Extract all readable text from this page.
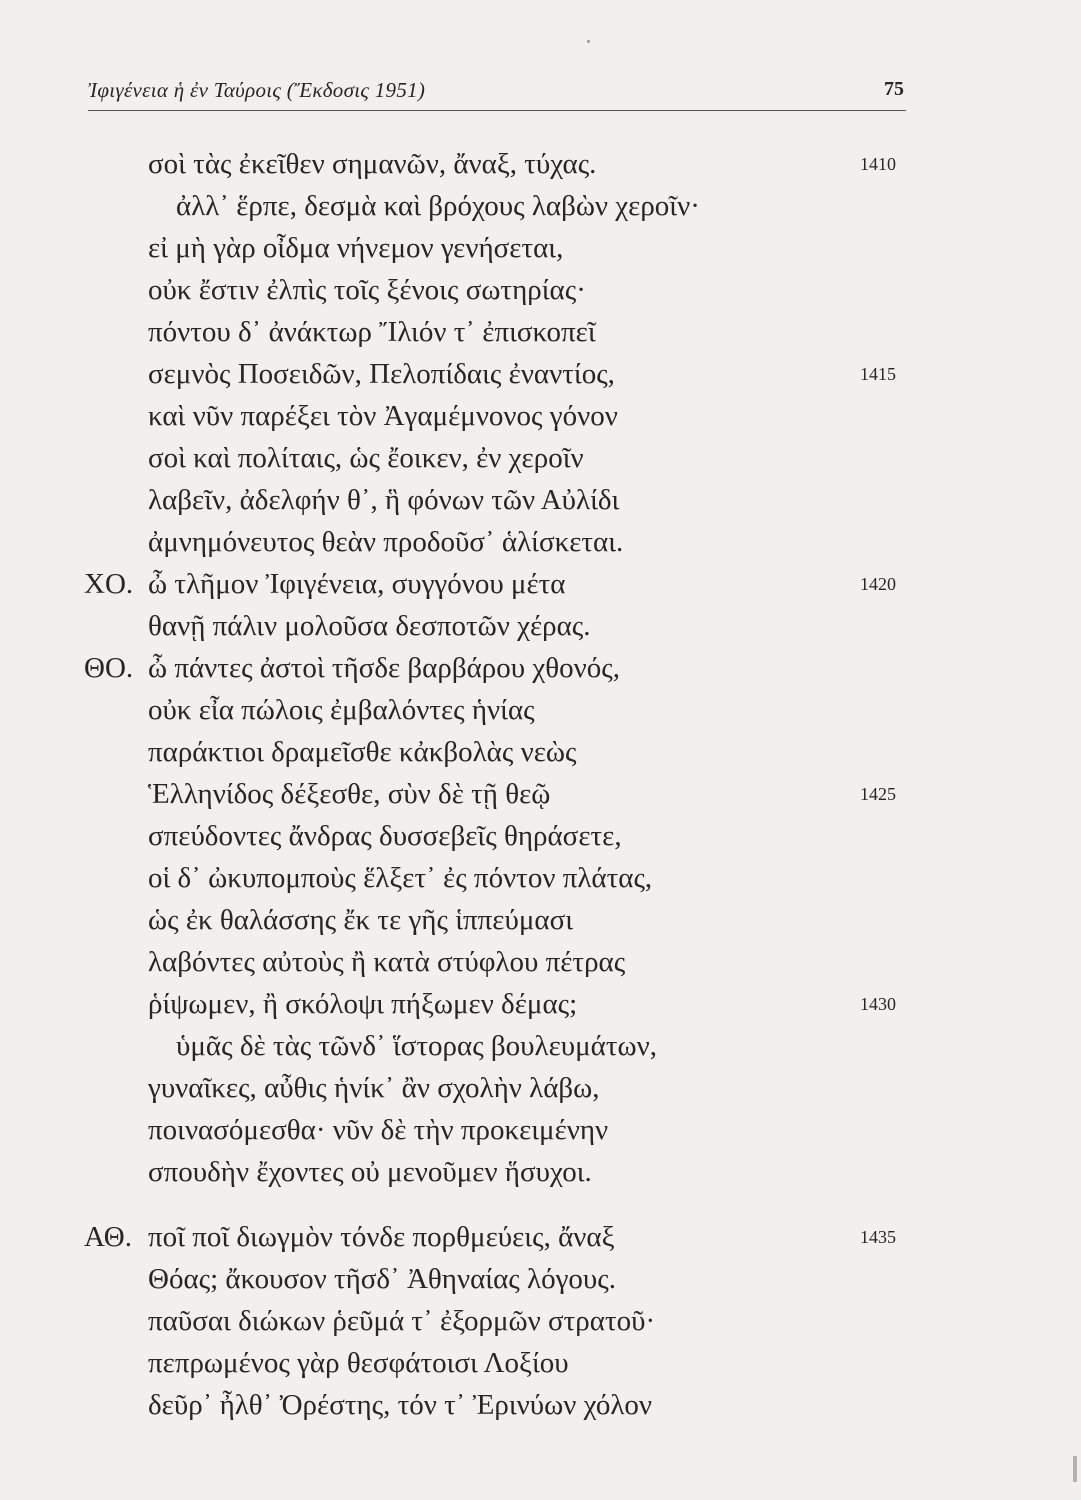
Ἰφιγένεια ἡ ἐν Ταύροις (Ἔκδοσις 1951)	75
σοὶ τὰς ἐκεῖθεν σημανῶν, ἄναξ, τύχας.	1410
ἀλλ᾿ ἕρπε, δεσμὰ καὶ βρόχους λαβὼν χεροῖν·
εἰ μὴ γὰρ οἶδμα νήνεμον γενήσεται,
οὐκ ἔστιν ἐλπὶς τοῖς ξένοις σωτηρίας·
πόντου δ᾿ ἀνάκτωρ Ἴλιόν τ᾿ ἐπισκοπεῖ
σεμνὸς Ποσειδῶν, Πελοπίδαις ἐναντίος,	1415
καὶ νῦν παρέξει τὸν Ἀγαμέμνονος γόνον
σοὶ καὶ πολίταις, ὡς ἔοικεν, ἐν χεροῖν
λαβεῖν, ἀδελφήν θ᾿, ἣ φόνων τῶν Αὐλίδι
ἀμνημόνευτος θεὰν προδοῦσ᾿ ἁλίσκεται.
ΧΟ. ὦ τλῆμον Ἰφιγένεια, συγγόνου μέτα	1420
θανῇ πάλιν μολοῦσα δεσποτῶν χέρας.
ΘΟ. ὦ πάντες ἀστοὶ τῆσδε βαρβάρου χθονός,
οὐκ εἶα πώλοις ἐμβαλόντες ἡνίας
παράκτιοι δραμεῖσθε κἀκβολὰς νεὼς
Ἑλληνίδος δέξεσθε, σὺν δὲ τῇ θεῷ	1425
σπεύδοντες ἄνδρας δυσσεβεῖς θηράσετε,
οἱ δ᾿ ὠκυπομποὺς ἕλξετ᾿ ἐς πόντον πλάτας,
ὡς ἐκ θαλάσσης ἔκ τε γῆς ἱππεύμασι
λαβόντες αὐτοὺς ἢ κατὰ στύφλου πέτρας
ῥίψωμεν, ἢ σκόλοψι πήξωμεν δέμας;	1430
ὑμᾶς δὲ τὰς τῶνδ᾿ ἵστορας βουλευμάτων,
γυναῖκες, αὖθις ἡνίκ᾿ ἂν σχολὴν λάβω,
ποινασόμεσθα· νῦν δὲ τὴν προκειμένην
σπουδὴν ἔχοντες οὐ μενοῦμεν ἥσυχοι.
ΑΘ. ποῖ ποῖ διωγμὸν τόνδε πορθμεύεις, ἄναξ	1435
Θόας; ἄκουσον τῆσδ᾿ Ἀθηναίας λόγους.
παῦσαι διώκων ῥεῦμά τ᾿ ἐξορμῶν στρατοῦ·
πεπρωμένος γὰρ θεσφάτοισι Λοξίου
δεῦρ᾿ ἦλθ᾿ Ὀρέστης, τόν τ᾿ Ἐρινύων χόλον
